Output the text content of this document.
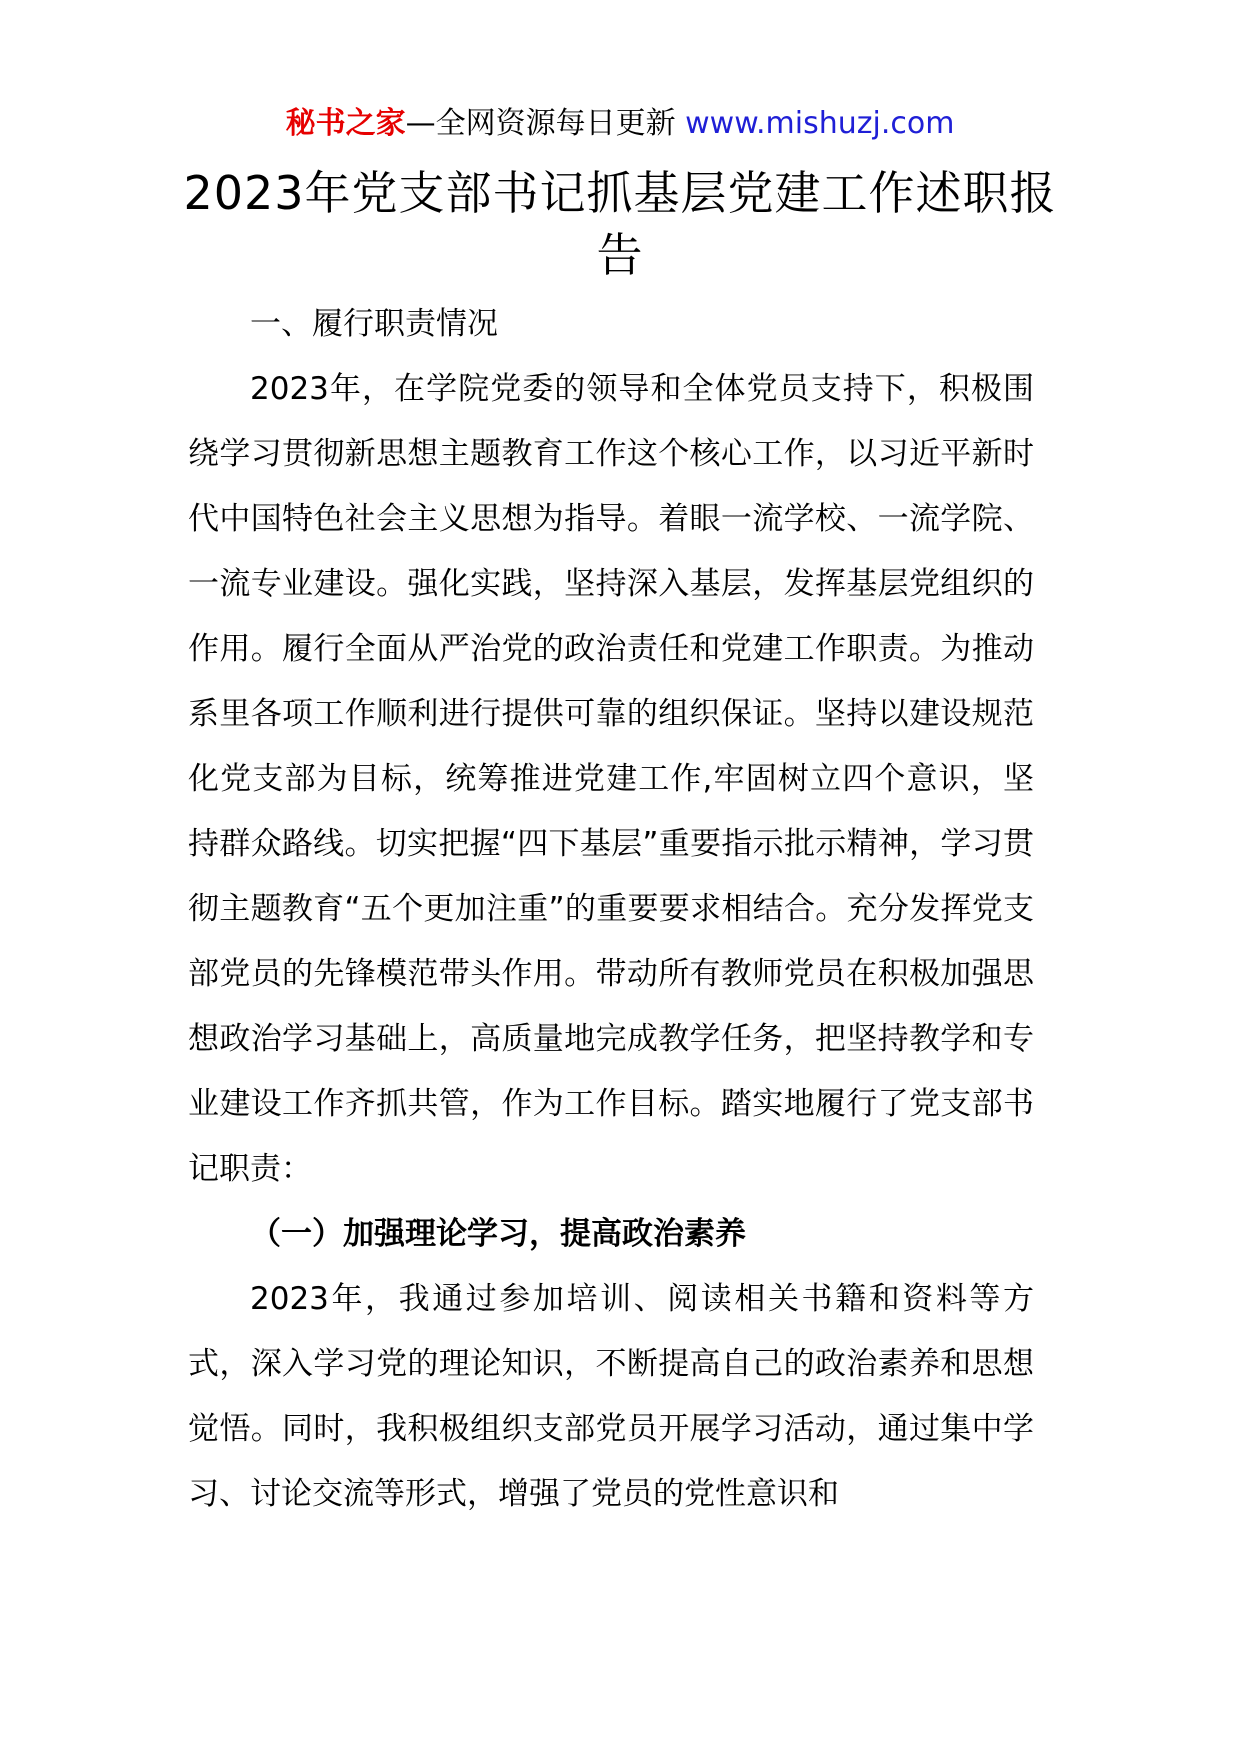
秘书之家—全网资源每日更新 www.mishuzj.com
2023年党支部书记抓基层党建工作述职报告
一、履行职责情况

2023年，在学院党委的领导和全体党员支持下，积极围绕学习贯彻新思想主题教育工作这个核心工作，以习近平新时代中国特色社会主义思想为指导。着眼一流学校、一流学院、一流专业建设。强化实践，坚持深入基层，发挥基层党组织的作用。履行全面从严治党的政治责任和党建工作职责。为推动系里各项工作顺利进行提供可靠的组织保证。坚持以建设规范化党支部为目标，统筹推进党建工作,牢固树立四个意识，坚持群众路线。切实把握“四下基层”重要指示批示精神，学习贯彻主题教育“五个更加注重”的重要要求相结合。充分发挥党支部党员的先锋模范带头作用。带动所有教师党员在积极加强思想政治学习基础上，高质量地完成教学任务，把坚持教学和专业建设工作齐抓共管，作为工作目标。踏实地履行了党支部书记职责：

（一）加强理论学习，提高政治素养

2023年，我通过参加培训、阅读相关书籍和资料等方式，深入学习党的理论知识，不断提高自己的政治素养和思想觉悟。同时，我积极组织支部党员开展学习活动，通过集中学习、讨论交流等形式，增强了党员的党性意识和
